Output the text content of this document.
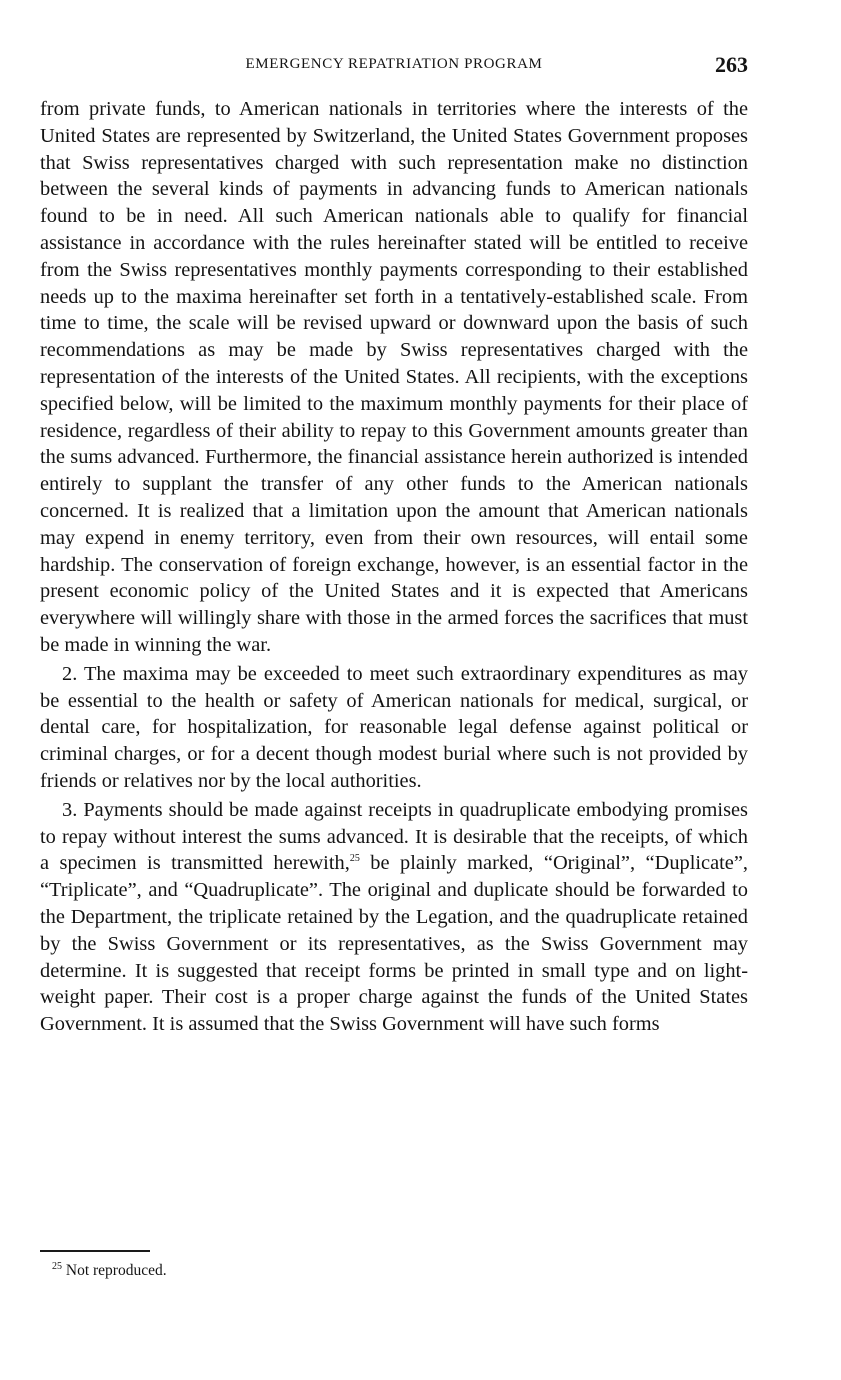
EMERGENCY REPATRIATION PROGRAM	263

from private funds, to American nationals in territories where the interests of the United States are represented by Switzerland, the United States Government proposes that Swiss representatives charged with such representation make no distinction between the several kinds of payments in advancing funds to American nationals found to be in need. All such American nationals able to qualify for financial assistance in accordance with the rules hereinafter stated will be entitled to receive from the Swiss representatives monthly payments corresponding to their established needs up to the maxima hereinafter set forth in a tentatively-established scale. From time to time, the scale will be revised upward or downward upon the basis of such recommendations as may be made by Swiss representatives charged with the representation of the interests of the United States. All recipients, with the exceptions specified below, will be limited to the maximum monthly payments for their place of residence, regardless of their ability to repay to this Government amounts greater than the sums advanced. Furthermore, the financial assistance herein authorized is intended entirely to supplant the transfer of any other funds to the American nationals concerned. It is realized that a limitation upon the amount that American nationals may expend in enemy territory, even from their own resources, will entail some hardship. The conservation of foreign exchange, however, is an essential factor in the present economic policy of the United States and it is expected that Americans everywhere will willingly share with those in the armed forces the sacrifices that must be made in winning the war.

2. The maxima may be exceeded to meet such extraordinary expenditures as may be essential to the health or safety of American nationals for medical, surgical, or dental care, for hospitalization, for reasonable legal defense against political or criminal charges, or for a decent though modest burial where such is not provided by friends or relatives nor by the local authorities.

3. Payments should be made against receipts in quadruplicate embodying promises to repay without interest the sums advanced. It is desirable that the receipts, of which a specimen is transmitted herewith,$^{25}$ be plainly marked, “Original”, “Duplicate”, “Triplicate”, and “Quadruplicate”. The original and duplicate should be forwarded to the Department, the triplicate retained by the Legation, and the quadruplicate retained by the Swiss Government or its representatives, as the Swiss Government may determine. It is suggested that receipt forms be printed in small type and on light-weight paper. Their cost is a proper charge against the funds of the United States Government. It is assumed that the Swiss Government will have such forms

$^{25}$ Not reproduced.
